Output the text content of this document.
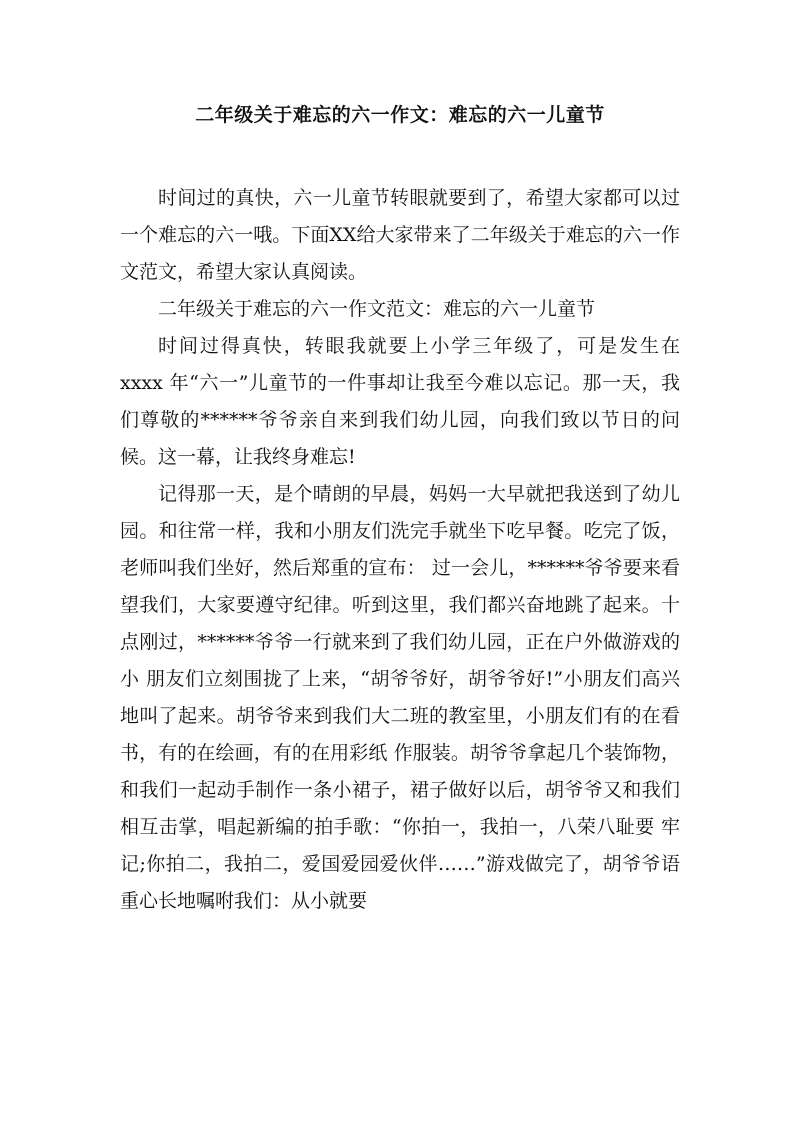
二年级关于难忘的六一作文：难忘的六一儿童节

时间过的真快，六一儿童节转眼就要到了，希望大家都可以过一个难忘的六一哦。下面XX给大家带来了二年级关于难忘的六一作文范文，希望大家认真阅读。

二年级关于难忘的六一作文范文：难忘的六一儿童节

时间过得真快，转眼我就要上小学三年级了，可是发生在 xxxx 年“六一”儿童节的一件事却让我至今难以忘记。那一天，我们尊敬的******爷爷亲自来到我们幼儿园，向我们致以节日的问候。这一幕，让我终身难忘!

记得那一天，是个晴朗的早晨，妈妈一大早就把我送到了幼儿园。和往常一样，我和小朋友们洗完手就坐下吃早餐。吃完了饭，老师叫我们坐好，然后郑重的宣布： 过一会儿，******爷爷要来看望我们，大家要遵守纪律。听到这里，我们都兴奋地跳了起来。十点刚过，******爷爷一行就来到了我们幼儿园，正在户外做游戏的小 朋友们立刻围拢了上来，“胡爷爷好，胡爷爷好!”小朋友们高兴地叫了起来。胡爷爷来到我们大二班的教室里，小朋友们有的在看书，有的在绘画，有的在用彩纸 作服装。胡爷爷拿起几个装饰物，和我们一起动手制作一条小裙子，裙子做好以后，胡爷爷又和我们相互击掌，唱起新编的拍手歌：“你拍一，我拍一，八荣八耻要 牢记;你拍二，我拍二，爱国爱园爱伙伴……”游戏做完了，胡爷爷语重心长地嘱咐我们：从小就要
